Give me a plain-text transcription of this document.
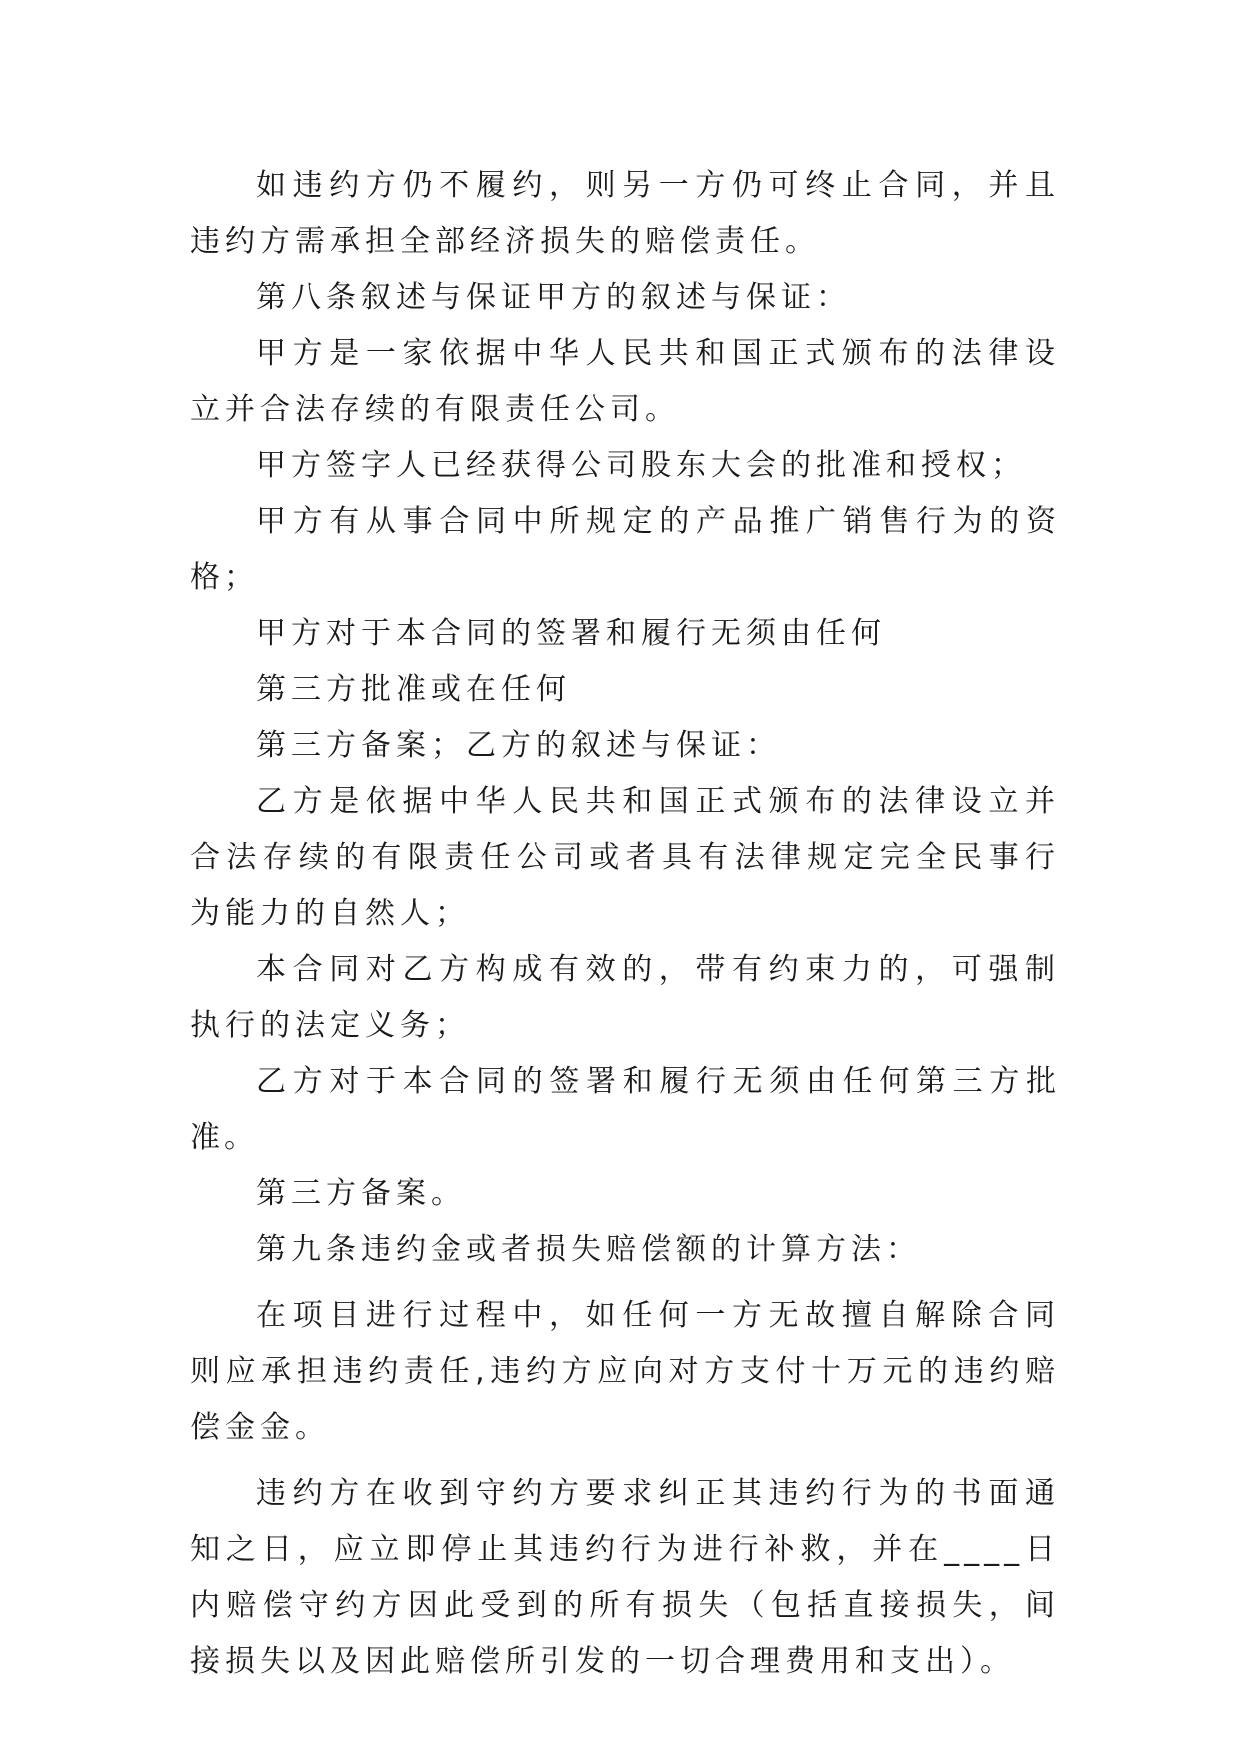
如违约方仍不履约，则另一方仍可终止合同，并且违约方需承担全部经济损失的赔偿责任。

第八条叙述与保证甲方的叙述与保证：

甲方是一家依据中华人民共和国正式颁布的法律设立并合法存续的有限责任公司。

甲方签字人已经获得公司股东大会的批准和授权；

甲方有从事合同中所规定的产品推广销售行为的资格；

甲方对于本合同的签署和履行无须由任何

第三方批准或在任何

第三方备案；乙方的叙述与保证：

乙方是依据中华人民共和国正式颁布的法律设立并合法存续的有限责任公司或者具有法律规定完全民事行为能力的自然人；

本合同对乙方构成有效的，带有约束力的，可强制执行的法定义务；

乙方对于本合同的签署和履行无须由任何第三方批准。

第三方备案。

第九条违约金或者损失赔偿额的计算方法：

在项目进行过程中，如任何一方无故擅自解除合同则应承担违约责任,违约方应向对方支付十万元的违约赔偿金金。

违约方在收到守约方要求纠正其违约行为的书面通知之日，应立即停止其违约行为进行补救，并在____日内赔偿守约方因此受到的所有损失（包括直接损失，间接损失以及因此赔偿所引发的一切合理费用和支出）。
